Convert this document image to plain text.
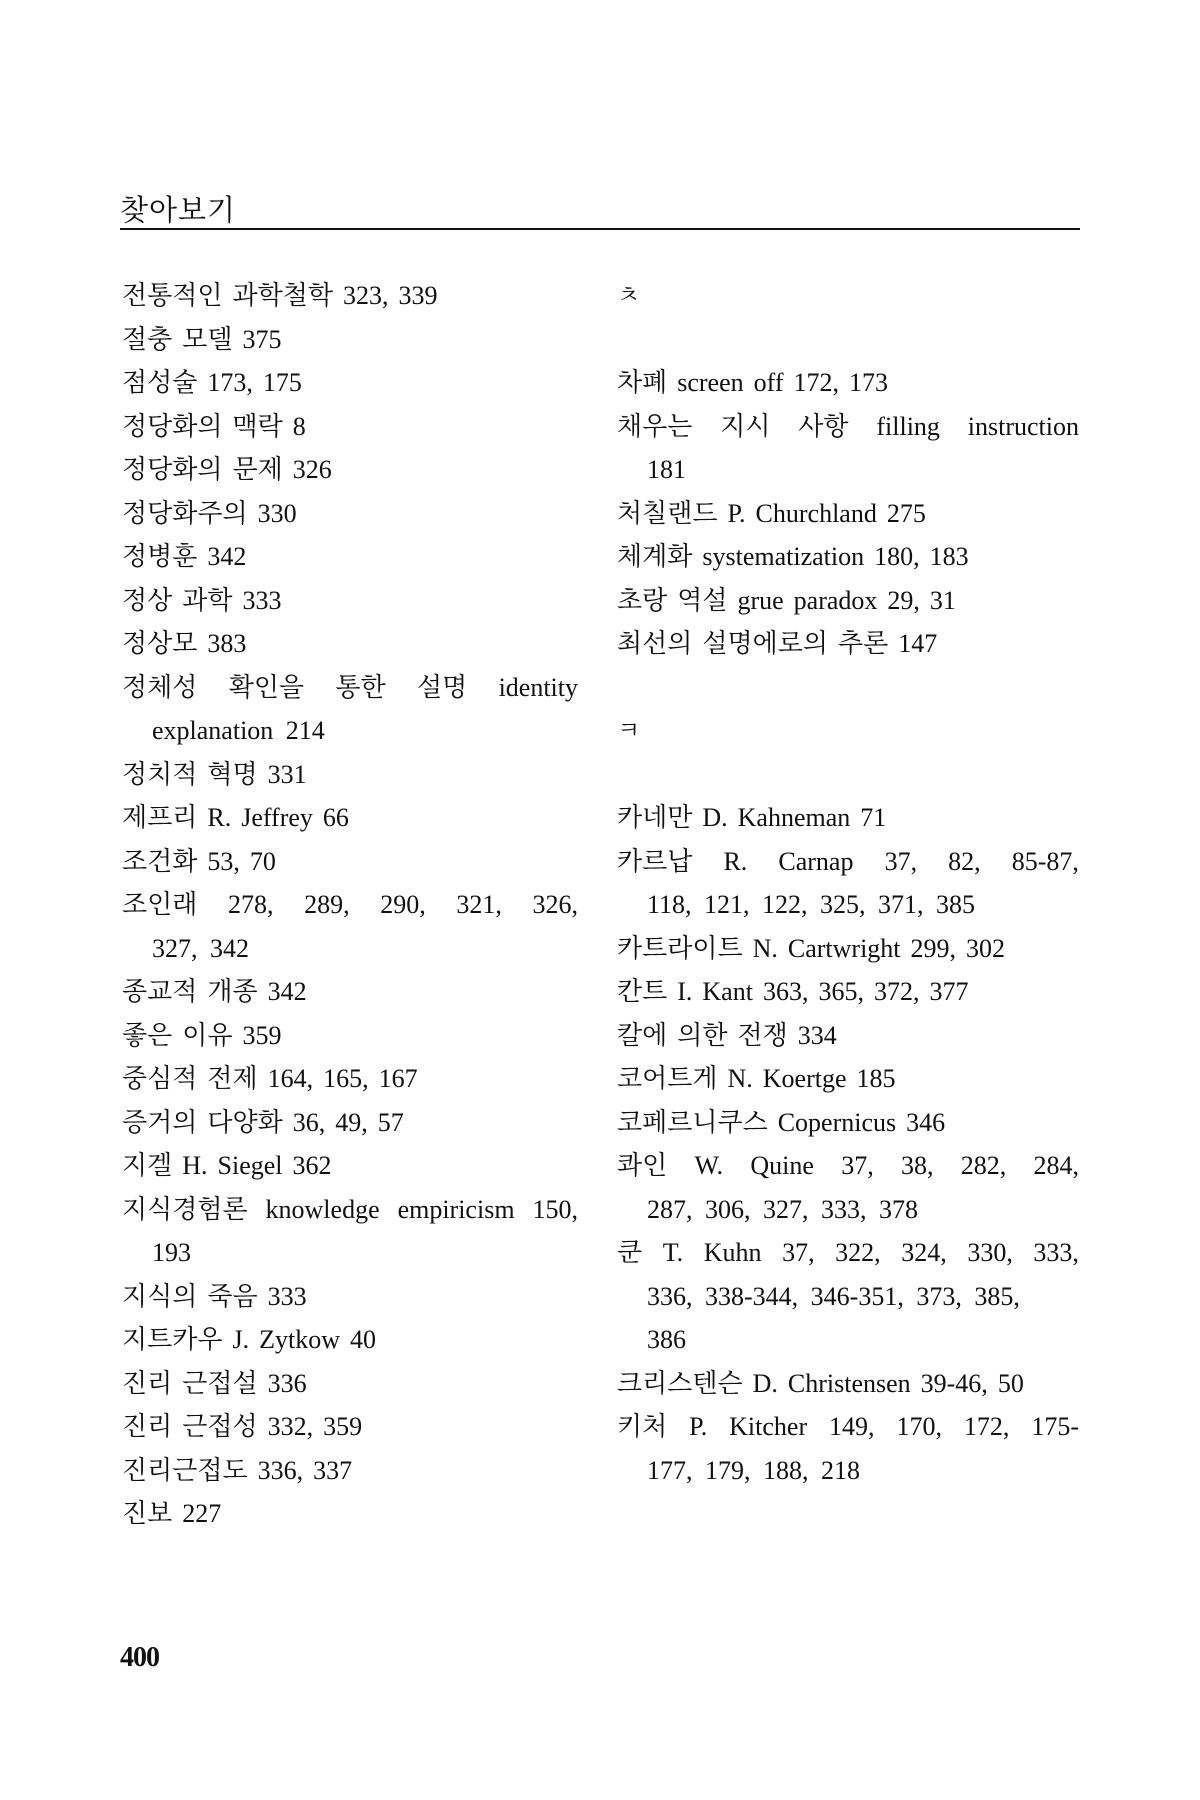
찾아보기
전통적인 과학철학 323, 339
절충 모델 375
점성술 173, 175
정당화의 맥락 8
정당화의 문제 326
정당화주의 330
정병훈 342
정상 과학 333
정상모 383
정체성 확인을 통한 설명 identity
explanation 214
정치적 혁명 331
제프리 R. Jeffrey 66
조건화 53, 70
조인래 278, 289, 290, 321, 326,
327, 342
종교적 개종 342
좋은 이유 359
중심적 전제 164, 165, 167
증거의 다양화 36, 49, 57
지겔 H. Siegel 362
지식경험론 knowledge empiricism 150,
193
지식의 죽음 333
지트카우 J. Zytkow 40
진리 근접설 336
진리 근접성 332, 359
진리근접도 336, 337
진보 227
ㅊ
차폐 screen off 172, 173
채우는 지시 사항 filling instruction
181
처칠랜드 P. Churchland 275
체계화 systematization 180, 183
초랑 역설 grue paradox 29, 31
최선의 설명에로의 추론 147
ㅋ
카네만 D. Kahneman 71
카르납 R. Carnap 37, 82, 85-87,
118, 121, 122, 325, 371, 385
카트라이트 N. Cartwright 299, 302
칸트 I. Kant 363, 365, 372, 377
칼에 의한 전쟁 334
코어트게 N. Koertge 185
코페르니쿠스 Copernicus 346
콰인 W. Quine 37, 38, 282, 284,
287, 306, 327, 333, 378
쿤 T. Kuhn 37, 322, 324, 330, 333,
336, 338-344, 346-351, 373, 385,
386
크리스텐슨 D. Christensen 39-46, 50
키처 P. Kitcher 149, 170, 172, 175-
177, 179, 188, 218
400
